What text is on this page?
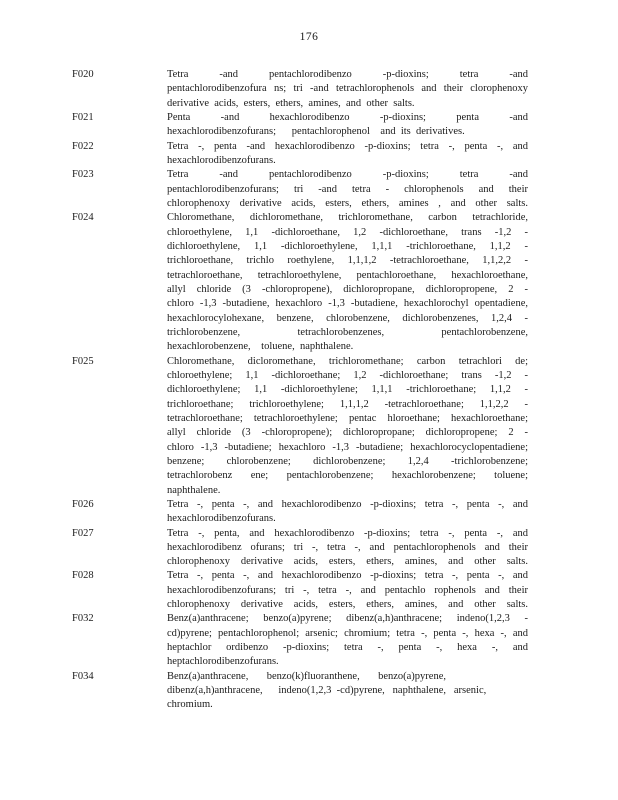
176
F020	Tetra -and pentachlorodibenzo -p-dioxins; tetra -and
pentachlorodibenzofura ns; tri -and tetrachlorophenols and their clorophenoxy
derivative  acids,  esters,  ethers,  amines,  and  other  salts.
F021	Penta -and hexachlorodibenzo -p-dioxins; penta -and
hexachlorodibenzofurans;      pentachlorophenol    and  its  derivatives.
F022	Tetra -, penta -and hexachlorodibenzo -p-dioxins; tetra -, penta -, and
hexachlorodibenzofurans.
F023	Tetra -and pentachlorodibenzo -p-dioxins; tetra -and
pentachlorodibenzofurans; tri -and tetra - chlorophenols and their
chlorophenoxy derivative acids, esters, ethers, amines , and other salts.
F024	Chloromethane, dichloromethane, trichloromethane, carbon tetrachloride,
chloroethylene, 1,1 -dichloroethane, 1,2 -dichloroethane, trans -1,2 -
dichloroethylene, 1,1 -dichloroethylene, 1,1,1 -trichloroethane, 1,1,2 -
trichloroethane, trichlo roethylene, 1,1,1,2 -tetrachloroethane, 1,1,2,2 -
tetrachloroethane, tetrachloroethylene, pentachloroethane, hexachloroethane,
allyl chloride (3 -chloropropene), dichloropropane, dichloropropene, 2 -
chloro -1,3 -butadiene, hexachloro -1,3 -butadiene, hexachlorochyl opentadiene,
hexachlorocylohexane, benzene, chlorobenzene, dichlorobenzenes, 1,2,4 -
trichlorobenzene, tetrachlorobenzenes, pentachlorobenzene,
hexachlorobenzene,    toluene,  naphthalene.
F025	Chloromethane, dicloromethane, trichloromethane; carbon tetrachlori de;
chloroethylene; 1,1 -dichloroethane; 1,2 -dichloroethane; trans -1,2 -
dichloroethylene; 1,1 -dichloroethylene; 1,1,1 -trichloroethane; 1,1,2 -
trichloroethane; trichloroethylene; 1,1,1,2 -tetrachloroethane; 1,1,2,2 -
tetrachloroethane; tetrachloroethylene; pentac hloroethane; hexachloroethane;
allyl chloride (3 -chloropropene); dichloropropane; dichloropropene; 2 -
chloro -1,3 -butadiene; hexachloro -1,3 -butadiene; hexachlorocyclopentadiene;
benzene; chlorobenzene; dichlorobenzene; 1,2,4 -trichlorobenzene;
tetrachlorobenz ene; pentachlorobenzene; hexachlorobenzene; toluene;
naphthalene.
F026	Tetra -, penta -, and hexachlorodibenzo -p-dioxins; tetra -, penta -, and
hexachlorodibenzofurans.
F027	Tetra -, penta, and hexachlorodibenzo -p-dioxins; tetra -, penta -, and
hexachlorodibenz ofurans; tri -, tetra -, and pentachlorophenols and their
chlorophenoxy derivative acids, esters, ethers, amines, and other salts.
F028	Tetra -, penta -, and hexachlorodibenzo -p-dioxins; tetra -, penta -, and
hexachlorodibenzofurans; tri -, tetra -, and pentachlo rophenols and their
chlorophenoxy derivative acids, esters, ethers, amines, and other salts.
F032	Benz(a)anthracene; benzo(a)pyrene; dibenz(a,h)anthracene; indeno(1,2,3 -
cd)pyrene; pentachlorophenol; arsenic; chromium; tetra -, penta -, hexa -, and
heptachlor ordibenzo -p-dioxins; tetra -, penta -, hexa -, and
heptachlorodibenzofurans.
F034	Benz(a)anthracene,       benzo(k)fluoranthene,       benzo(a)pyrene,
dibenz(a,h)anthracene,      indeno(1,2,3  -cd)pyrene,   naphthalene,   arsenic,
chromium.
